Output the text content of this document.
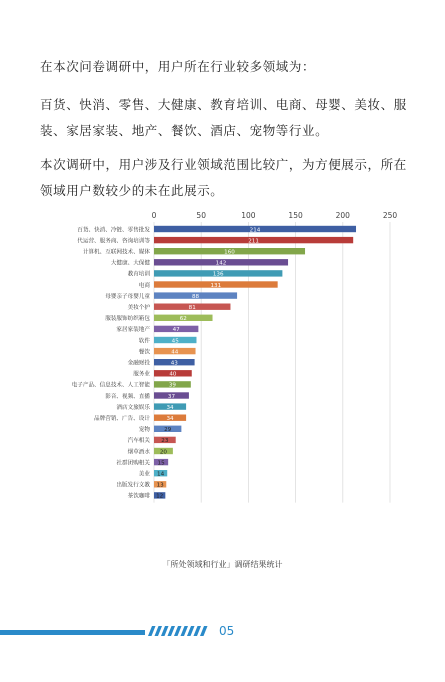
在本次问卷调研中，用户所在行业较多领域为：
百货、快消、零售、大健康、教育培训、电商、母婴、美妆、服装、家居家装、地产、餐饮、酒店、宠物等行业。
本次调研中，用户涉及行业领域范围比较广，为方便展示，所在领域用户数较少的未在此展示。
0	50	100	150	200	250
百货、快消、冷链、零售批发	214
代运营、服务商、咨询培训等	211
计算机、互联网技术、媒体	160
大健康、大保健	142
教育培训	136
电商	131
母婴亲子母婴儿童	88
美妆个护	81
服装服饰纺织箱包	62
家居家装地产	47
软件	45
餐饮	44
金融财投	43
服务业	40
电子产品、信息技术、人工智能	39
影音、视频、直播	37
酒店文旅娱乐	34
品牌营销、广告、设计	34
宠物	29
汽车相关 23
烟草酒水 20
社群团购相关 15
美业 14
出版发行文教 13
茶饮咖啡 12
「所处领域和行业」调研结果统计
05
